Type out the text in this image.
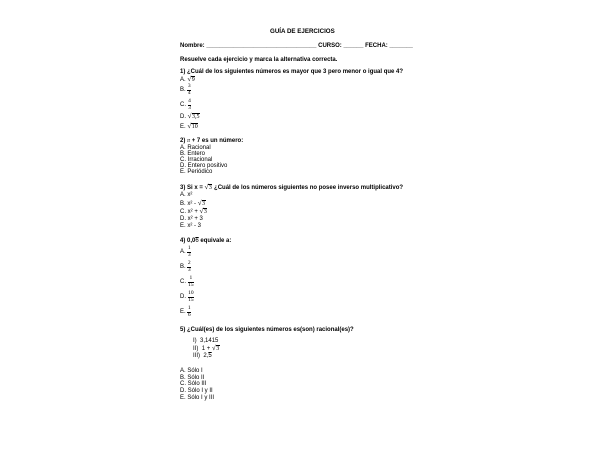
GUÍA DE EJERCICIOS
Nombre: _________________________________ CURSO: ______ FECHA: _______
Resuelve cada ejercicio y marca la alternativa correcta.
1) ¿Cuál de los siguientes números es mayor que 3 pero menor o igual que 4?
A. √9
B. $\frac{3}{4}$
C. $\frac{4}{3}$
D. √3,5
E. √10
2) π + 7 es un número:
A. Racional
B. Entero
C. Irracional
D. Entero positivo
E. Periódico
3) Si x = √3 ¿Cuál de los números siguientes no posee inverso multiplicativo?
A. x²
B. x² - √3
C. x² + √3
D. x² + 3
E. x² - 3
4) 0,06 equivale a:
A. $\frac{1}{3}$
B. $\frac{2}{3}$
C. $\frac{1}{15}$
D. $\frac{10}{15}$
E. $\frac{1}{6}$
5) ¿Cuál(es) de los siguientes números es(son) racional(es)?
I) 3,1415
II) 1 + √3
III) 2,5
A. Sólo I
B. Sólo II
C. Sólo III
D. Sólo I y II
E. Sólo I y III
